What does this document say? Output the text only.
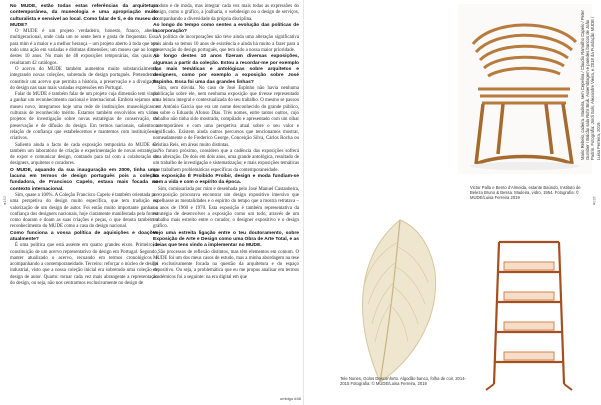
●152	153●

No MUDE, estão todas estas referências da arquitetura contemporânea, da museologia e uma apropriação muito culturalista e sensivel ao local. Como falar de ti, e do museu do MUDE?

O MUDE é um projeto verdadeiro, honesto, franco, aberto, multigeracional, onde cada um se sente bem e gosta de frequentar. Essa para mim é a maior e a melhor herança – um projeto aberto à toda que tem todo uma ação em variadas e distintas dimensões; um museu que ao longo destes 10 anos. No mais de 48 exposições temporárias, das quais já resultaram 42 catálogos.

O acervo do MUDE também aumentou muito substancialmente, integrando novas coleções, sobretudo de design português. Pretendemos constituir um acervo que permita a história, a preservação e a divulgação do design nas suas mais variadas expressões em Portugal.

Falar do MUDE é também falar de um projeto cuja dimensão tem vindo a ganhar um reconhecimento nacional e internacional. Embora sejamos um museu novo, integramos hoje uma rede de instituições museológicas e culturais de reconhecido mérito. Estamos também envolvidos em vários projetos de investigação sobre novas estratégias de conservação, de preservação e de difusão do design. Em termos nacionais, saliento a relação de confiança que estabelecemos e mantemos com instituições e criativos.

Saliento ainda o facto de cada exposição temporária do MUDE ser também um laboratório de criação e experimentação de novas estratégias de expor e comunicar design, contando para tal com a colaboração de designers, arquitetos e curadores.

O MUDE, aquando da sua inauguração em 2009, tinha uma lacuna em termos de design português pois a coleção fundadora, de Francisco Capelo, estava mais focada no contexto internacional.

Sim, quase a 100%. A Coleção Francisco Capelo é também orientada por uma perspetiva do design muito específica, que tem tradução na valorização de um design de autor. Foi então muito importante ganhar a confiança dos designers nacionais, hoje claramente manifestada pela forma como doaram e doam as suas criações e peças, o que denota também o reconhecimento do MUDE como a casa do design nacional.

Como funciona a vossa política de aquisições e doações atualmente?

É uma política que está assente em quatro grandes eixos. Primeiro, a constituição de um acervo representativo do design em Portugal. Segundo, manter atualizado o acervo, recuando em termos cronológicos e acompanhando a contemporaneidade. Terceiro: reforçar o núcleo de design industrial, visto que a nossa coleção inicial era sobretudo uma coleção de design de autor. Quarto: tornar cada vez mais abrangente a representação do design, ou seja, não nos centrarmos exclusivamente no design de

produto e de moda, mas integrar cada vez mais todas as expressões do design, como o gráfico, a joalharia, o webdesign ou o design de serviços, acompanhando a diversidade da própria disciplina.

Ao longo do tempo como sentes a evolução das políticas de incorporação?

A política de incorporações não teve ainda uma alteração significativa pois ainda so temos 10 anos de existência e ainda há muito a fazer para a preservação do design português, que tem sido a nossa maior prioridade.

Ao longo destes 10 anos fizeram diversas exposições, algumas a partir da coleção. Estou a recordar-me por exemplo das mais temáticas e antológicas sobre arquitetos e designers, como por exemplo a exposição sobre José Espinho. Essa foi uma das grandes linhas?

Sim, sem dúvida. No caso de José Espinho não havia nenhuma publicação sobre ele, nem nenhuma exposição que tivesse representado uma leitura integral e contextualizada do seu trabalho. O mesmo se passou com António Garcia que era um nome desconhecido do grande público, ou sobre o Eduardo Afonso Dias. Três nomes, entre tantos outros, cujo trabalho não tinha sido mostrado, compilado e apresentado com um olhar contemporâneo e com uma perspetiva atual sobre o seu valor e significado. Existem ainda outros percursos que tencionamos mostrar, nomeadamente o de Frederico George, Conceição Silva, Carlos Rocha ou Cristina Reis, em áreas muito distintas.

No futuro próximo, considero que a cadência das exposições sofrerá uma alteração. De dois em dois anos, uma grande antológica, resultado de um trabalho de investigação e sistematização; e mais exposições temáticas que trabalhem problemáticas específicas da contemporaneidade.

Na exposição É Proibido Proibir, design e moda fundiam-se com a vida e com o espírito da época.

Sim, comissariada por mim e desenhada pelo José Manuel Castanheira, a exposição procurava encontrar um design expositivo imersivo que espelhasse as mentalidades e o espírito do tempo que a mostra retratava – os anos de 1960 e 1970. Esta exposição é também representativa da estratégia de desenvolver a exposição como um todo, através de um trabalho mais estreito entre o curador, o designer expositivo e o design gráfico.

Vejo uma estreita ligação entre o teu doutoramento, sobre Exposição de Arte e Design como uma Obra de Arte Total, e as ideias que tens vindo a implementar no MUDE.

São processos de reflexão distintos, mas têm elementos em comum. O MUDE foi um dos meus casos de estudo, mas a minha abordagem na tese foi exclusivamente focada na questão da arquitetura e do espaço expositivo. Ou seja, a problemática que eu me propus analisar em termos académicos foi a seguinte: na era digital em que

Mario Rebelo, cadeira. Madeira, sem Cepelina / Claudio Ramalho Capelo / Peter Gumitier / Balcão sala Rohr Bruk. Assemblagem e paredes bancos de João Padrin. Fotografia: Jordi Sols, Alexandre Vieira, e 2018 da Fundação MUDE / Luisa Ferreira, 2019.
Tele Nunes, Golos Desconforto. Algodão banco, folha de coir, 2014-2015 Fotografia: © MUDE/Luisa Ferreira, 2019
Victor Palla e Bento d'Almeida, estante Baúndo, Instituto de Beleza Bruno & Bessa. Madeira, vidro, 1954. Fotografia: © MUDE/Luisa Ferreira 2019
umbigo #48
